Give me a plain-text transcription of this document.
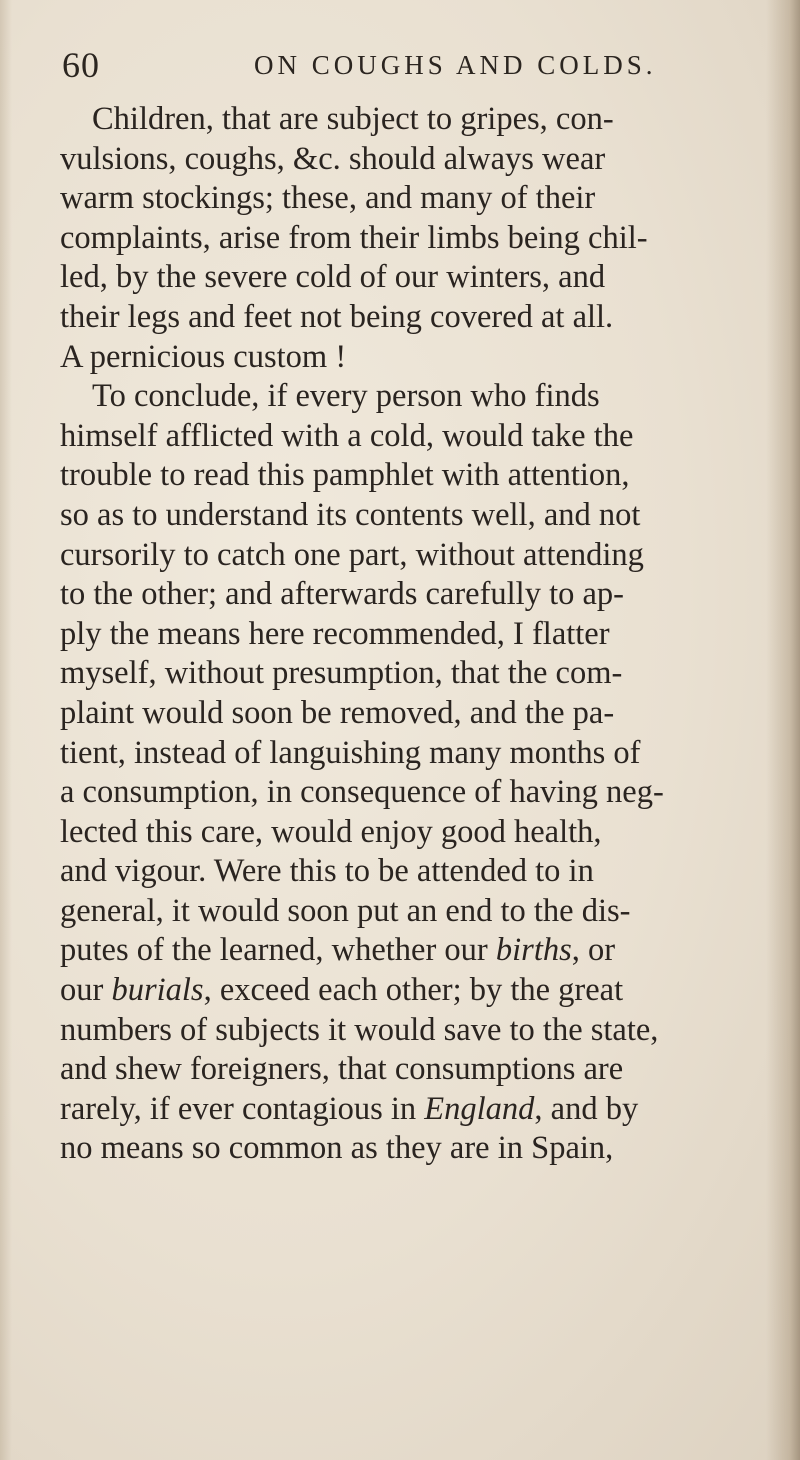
60	ON COUGHS AND COLDS.
Children, that are subject to gripes, con-
vulsions, coughs, &c. should always wear
warm stockings; these, and many of their
complaints, arise from their limbs being chil-
led, by the severe cold of our winters, and
their legs and feet not being covered at all.
A pernicious custom !
To conclude, if every person who finds
himself afflicted with a cold, would take the
trouble to read this pamphlet with attention,
so as to understand its contents well, and not
cursorily to catch one part, without attending
to the other; and afterwards carefully to ap-
ply the means here recommended, I flatter
myself, without presumption, that the com-
plaint would soon be removed, and the pa-
tient, instead of languishing many months of
a consumption, in consequence of having neg-
lected this care, would enjoy good health,
and vigour. Were this to be attended to in
general, it would soon put an end to the dis-
putes of the learned, whether our births, or
our burials, exceed each other; by the great
numbers of subjects it would save to the state,
and shew foreigners, that consumptions are
rarely, if ever contagious in England, and by
no means so common as they are in Spain,
